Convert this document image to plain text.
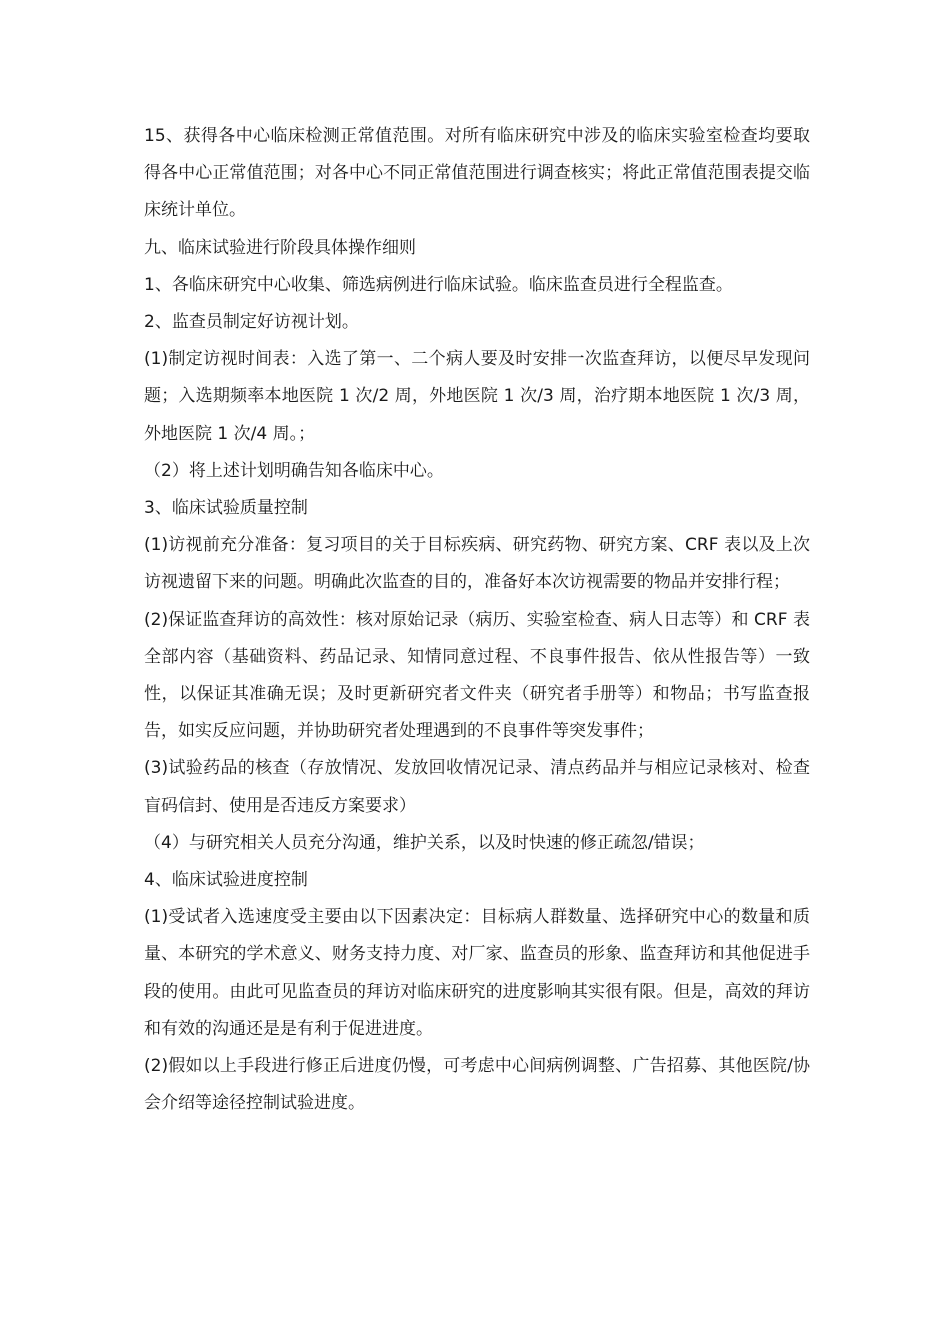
15、获得各中心临床检测正常值范围。对所有临床研究中涉及的临床实验室检查均要取得各中心正常值范围；对各中心不同正常值范围进行调查核实；将此正常值范围表提交临床统计单位。

九、临床试验进行阶段具体操作细则

1、各临床研究中心收集、筛选病例进行临床试验。临床监查员进行全程监查。

2、监查员制定好访视计划。

(1)制定访视时间表：入选了第一、二个病人要及时安排一次监查拜访，以便尽早发现问题；入选期频率本地医院 1 次/2 周，外地医院 1 次/3 周，治疗期本地医院 1 次/3 周，外地医院 1 次/4 周。；

（2）将上述计划明确告知各临床中心。

3、临床试验质量控制

(1)访视前充分准备：复习项目的关于目标疾病、研究药物、研究方案、CRF 表以及上次访视遗留下来的问题。明确此次监查的目的，准备好本次访视需要的物品并安排行程；

(2)保证监查拜访的高效性：核对原始记录（病历、实验室检查、病人日志等）和 CRF 表全部内容（基础资料、药品记录、知情同意过程、不良事件报告、依从性报告等）一致性，以保证其准确无误；及时更新研究者文件夹（研究者手册等）和物品；书写监查报告，如实反应问题，并协助研究者处理遇到的不良事件等突发事件；

(3)试验药品的核查（存放情况、发放回收情况记录、清点药品并与相应记录核对、检查盲码信封、使用是否违反方案要求）

（4）与研究相关人员充分沟通，维护关系，以及时快速的修正疏忽/错误；

4、临床试验进度控制

(1)受试者入选速度受主要由以下因素决定：目标病人群数量、选择研究中心的数量和质量、本研究的学术意义、财务支持力度、对厂家、监查员的形象、监查拜访和其他促进手段的使用。由此可见监查员的拜访对临床研究的进度影响其实很有限。但是，高效的拜访和有效的沟通还是是有利于促进进度。

(2)假如以上手段进行修正后进度仍慢，可考虑中心间病例调整、广告招募、其他医院/协会介绍等途径控制试验进度。
